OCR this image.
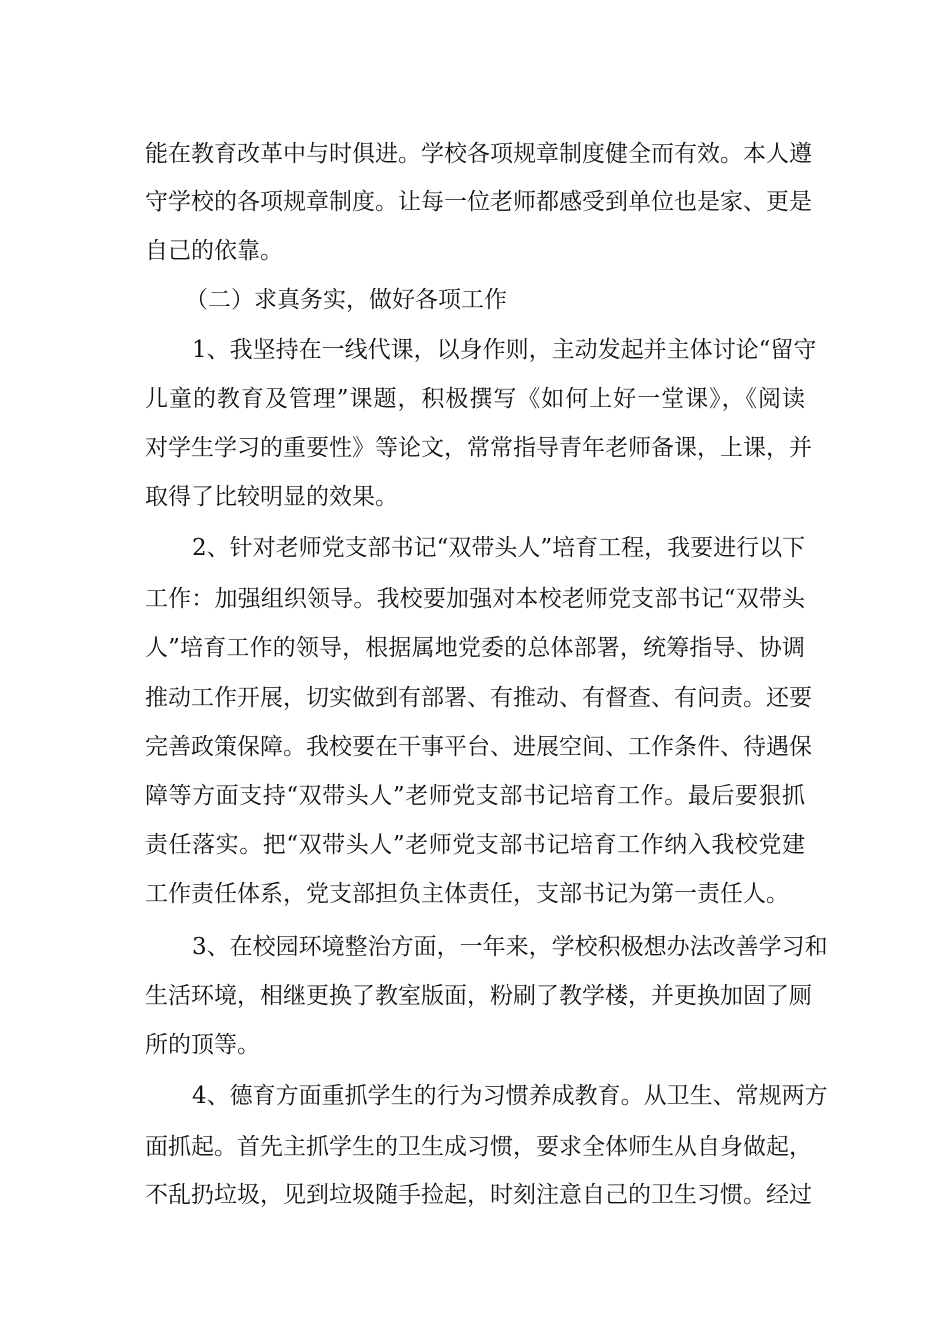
能在教育改革中与时俱进。学校各项规章制度健全而有效。本人遵
守学校的各项规章制度。让每一位老师都感受到单位也是家、更是
自己的依靠。
（二）求真务实，做好各项工作
1、我坚持在一线代课，以身作则，主动发起并主体讨论“留守
儿童的教育及管理”课题，积极撰写《如何上好一堂课》，《阅读
对学生学习的重要性》等论文，常常指导青年老师备课，上课，并
取得了比较明显的效果。
2、针对老师党支部书记“双带头人”培育工程，我要进行以下
工作：加强组织领导。我校要加强对本校老师党支部书记“双带头
人”培育工作的领导，根据属地党委的总体部署，统筹指导、协调
推动工作开展，切实做到有部署、有推动、有督查、有问责。还要
完善政策保障。我校要在干事平台、进展空间、工作条件、待遇保
障等方面支持“双带头人”老师党支部书记培育工作。最后要狠抓
责任落实。把“双带头人”老师党支部书记培育工作纳入我校党建
工作责任体系，党支部担负主体责任，支部书记为第一责任人。
3、在校园环境整治方面，一年来，学校积极想办法改善学习和
生活环境，相继更换了教室版面，粉刷了教学楼，并更换加固了厕
所的顶等。
4、德育方面重抓学生的行为习惯养成教育。从卫生、常规两方
面抓起。首先主抓学生的卫生成习惯，要求全体师生从自身做起，
不乱扔垃圾，见到垃圾随手捡起，时刻注意自己的卫生习惯。经过
